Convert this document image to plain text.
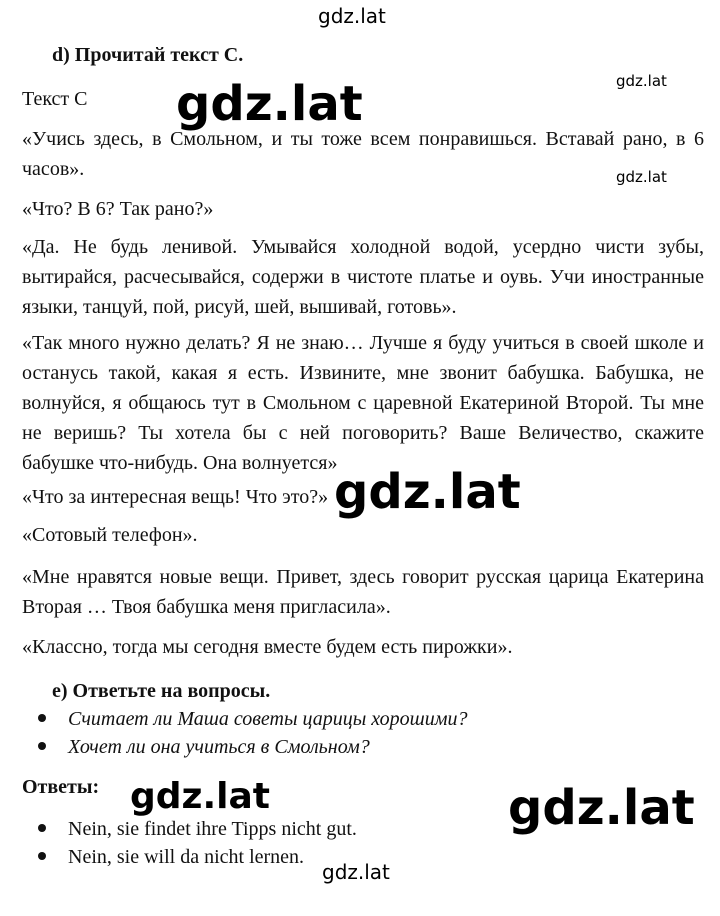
gdz.lat
gdz.lat
gdz.lat
gdz.lat
gdz.lat
gdz.lat	gdz.lat
gdz.lat
d) Прочитай текст С.
Текст С

«Учись здесь, в Смольном, и ты тоже всем понравишься. Вставай рано, в 6 часов».

«Что? В 6? Так рано?»

«Да. Не будь ленивой. Умывайся холодной водой, усердно чисти зубы, вытирайся, расчесывайся, содержи в чистоте платье и оувь. Учи иностранные языки, танцуй, пой, рисуй, шей, вышивай, готовь».

«Так много нужно делать? Я не знаю… Лучше я буду учиться в своей школе и останусь такой, какая я есть. Извините, мне звонит бабушка. Бабушка, не волнуйся, я общаюсь тут в Смольном с царевной Екатериной Второй. Ты мне не веришь? Ты хотела бы с ней поговорить? Ваше Величество, скажите бабушке что-нибудь. Она волнуется»

«Что за интересная вещь! Что это?»
«Сотовый телефон».

«Мне нравятся новые вещи. Привет, здесь говорит русская царица Екатерина Вторая … Твоя бабушка меня пригласила».

«Классно, тогда мы сегодня вместе будем есть пирожки».
e) Ответьте на вопросы.
Считает ли Маша советы царицы хорошими?
Хочет ли она учиться в Смольном?
Ответы:
Nein, sie findet ihre Tipps nicht gut.
Nein, sie will da nicht lernen.
